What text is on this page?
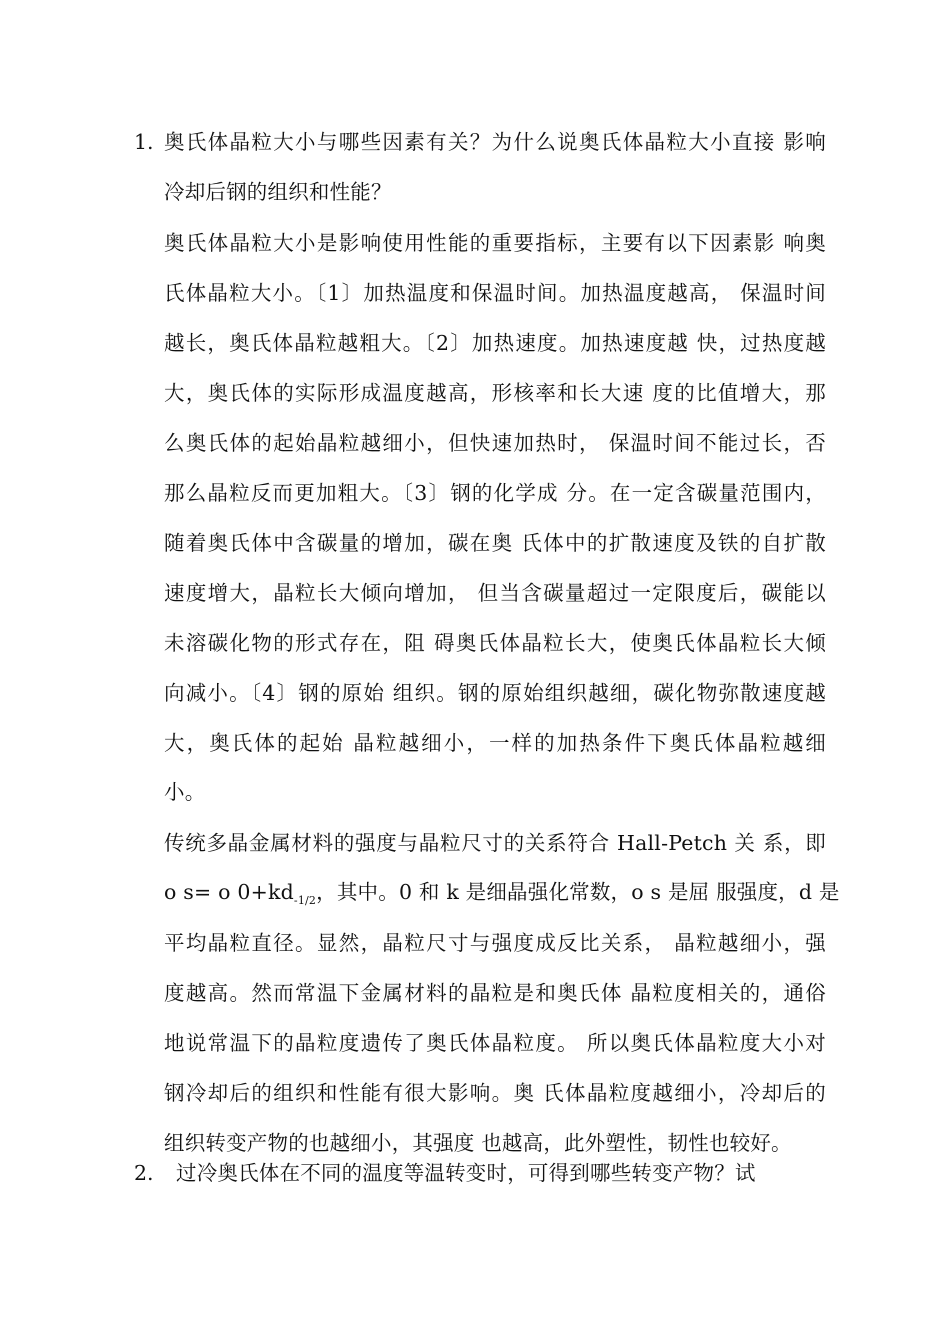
1. 奥氏体晶粒大小与哪些因素有关？为什么说奥氏体晶粒大小直接 影响
冷却后钢的组织和性能？
奥氏体晶粒大小是影响使用性能的重要指标，主要有以下因素影 响奥
氏体晶粒大小。〔1〕加热温度和保温时间。加热温度越高， 保温时间
越长，奥氏体晶粒越粗大。〔2〕加热速度。加热速度越 快，过热度越
大，奥氏体的实际形成温度越高，形核率和长大速 度的比值增大，那
么奥氏体的起始晶粒越细小，但快速加热时， 保温时间不能过长，否
那么晶粒反而更加粗大。〔3〕钢的化学成 分。在一定含碳量范围内，
随着奥氏体中含碳量的增加，碳在奥 氏体中的扩散速度及铁的自扩散
速度增大，晶粒长大倾向增加， 但当含碳量超过一定限度后，碳能以
未溶碳化物的形式存在，阻 碍奥氏体晶粒长大，使奥氏体晶粒长大倾
向减小。〔4〕钢的原始 组织。钢的原始组织越细，碳化物弥散速度越
大，奥氏体的起始 晶粒越细小，一样的加热条件下奥氏体晶粒越细
小。
传统多晶金属材料的强度与晶粒尺寸的关系符合 Hall-Petch 关 系，即
ο s= ο $0+kd_{-1/2}$，其中。0 和 k 是细晶强化常数，ο s 是屈 服强度，d 是
平均晶粒直径。显然，晶粒尺寸与强度成反比关系， 晶粒越细小，强
度越高。然而常温下金属材料的晶粒是和奥氏体 晶粒度相关的，通俗
地说常温下的晶粒度遗传了奥氏体晶粒度。 所以奥氏体晶粒度大小对
钢冷却后的组织和性能有很大影响。奥 氏体晶粒度越细小，冷却后的
组织转变产物的也越细小，其强度 也越高，此外塑性，韧性也较好。
2. 过冷奥氏体在不同的温度等温转变时，可得到哪些转变产物？试
